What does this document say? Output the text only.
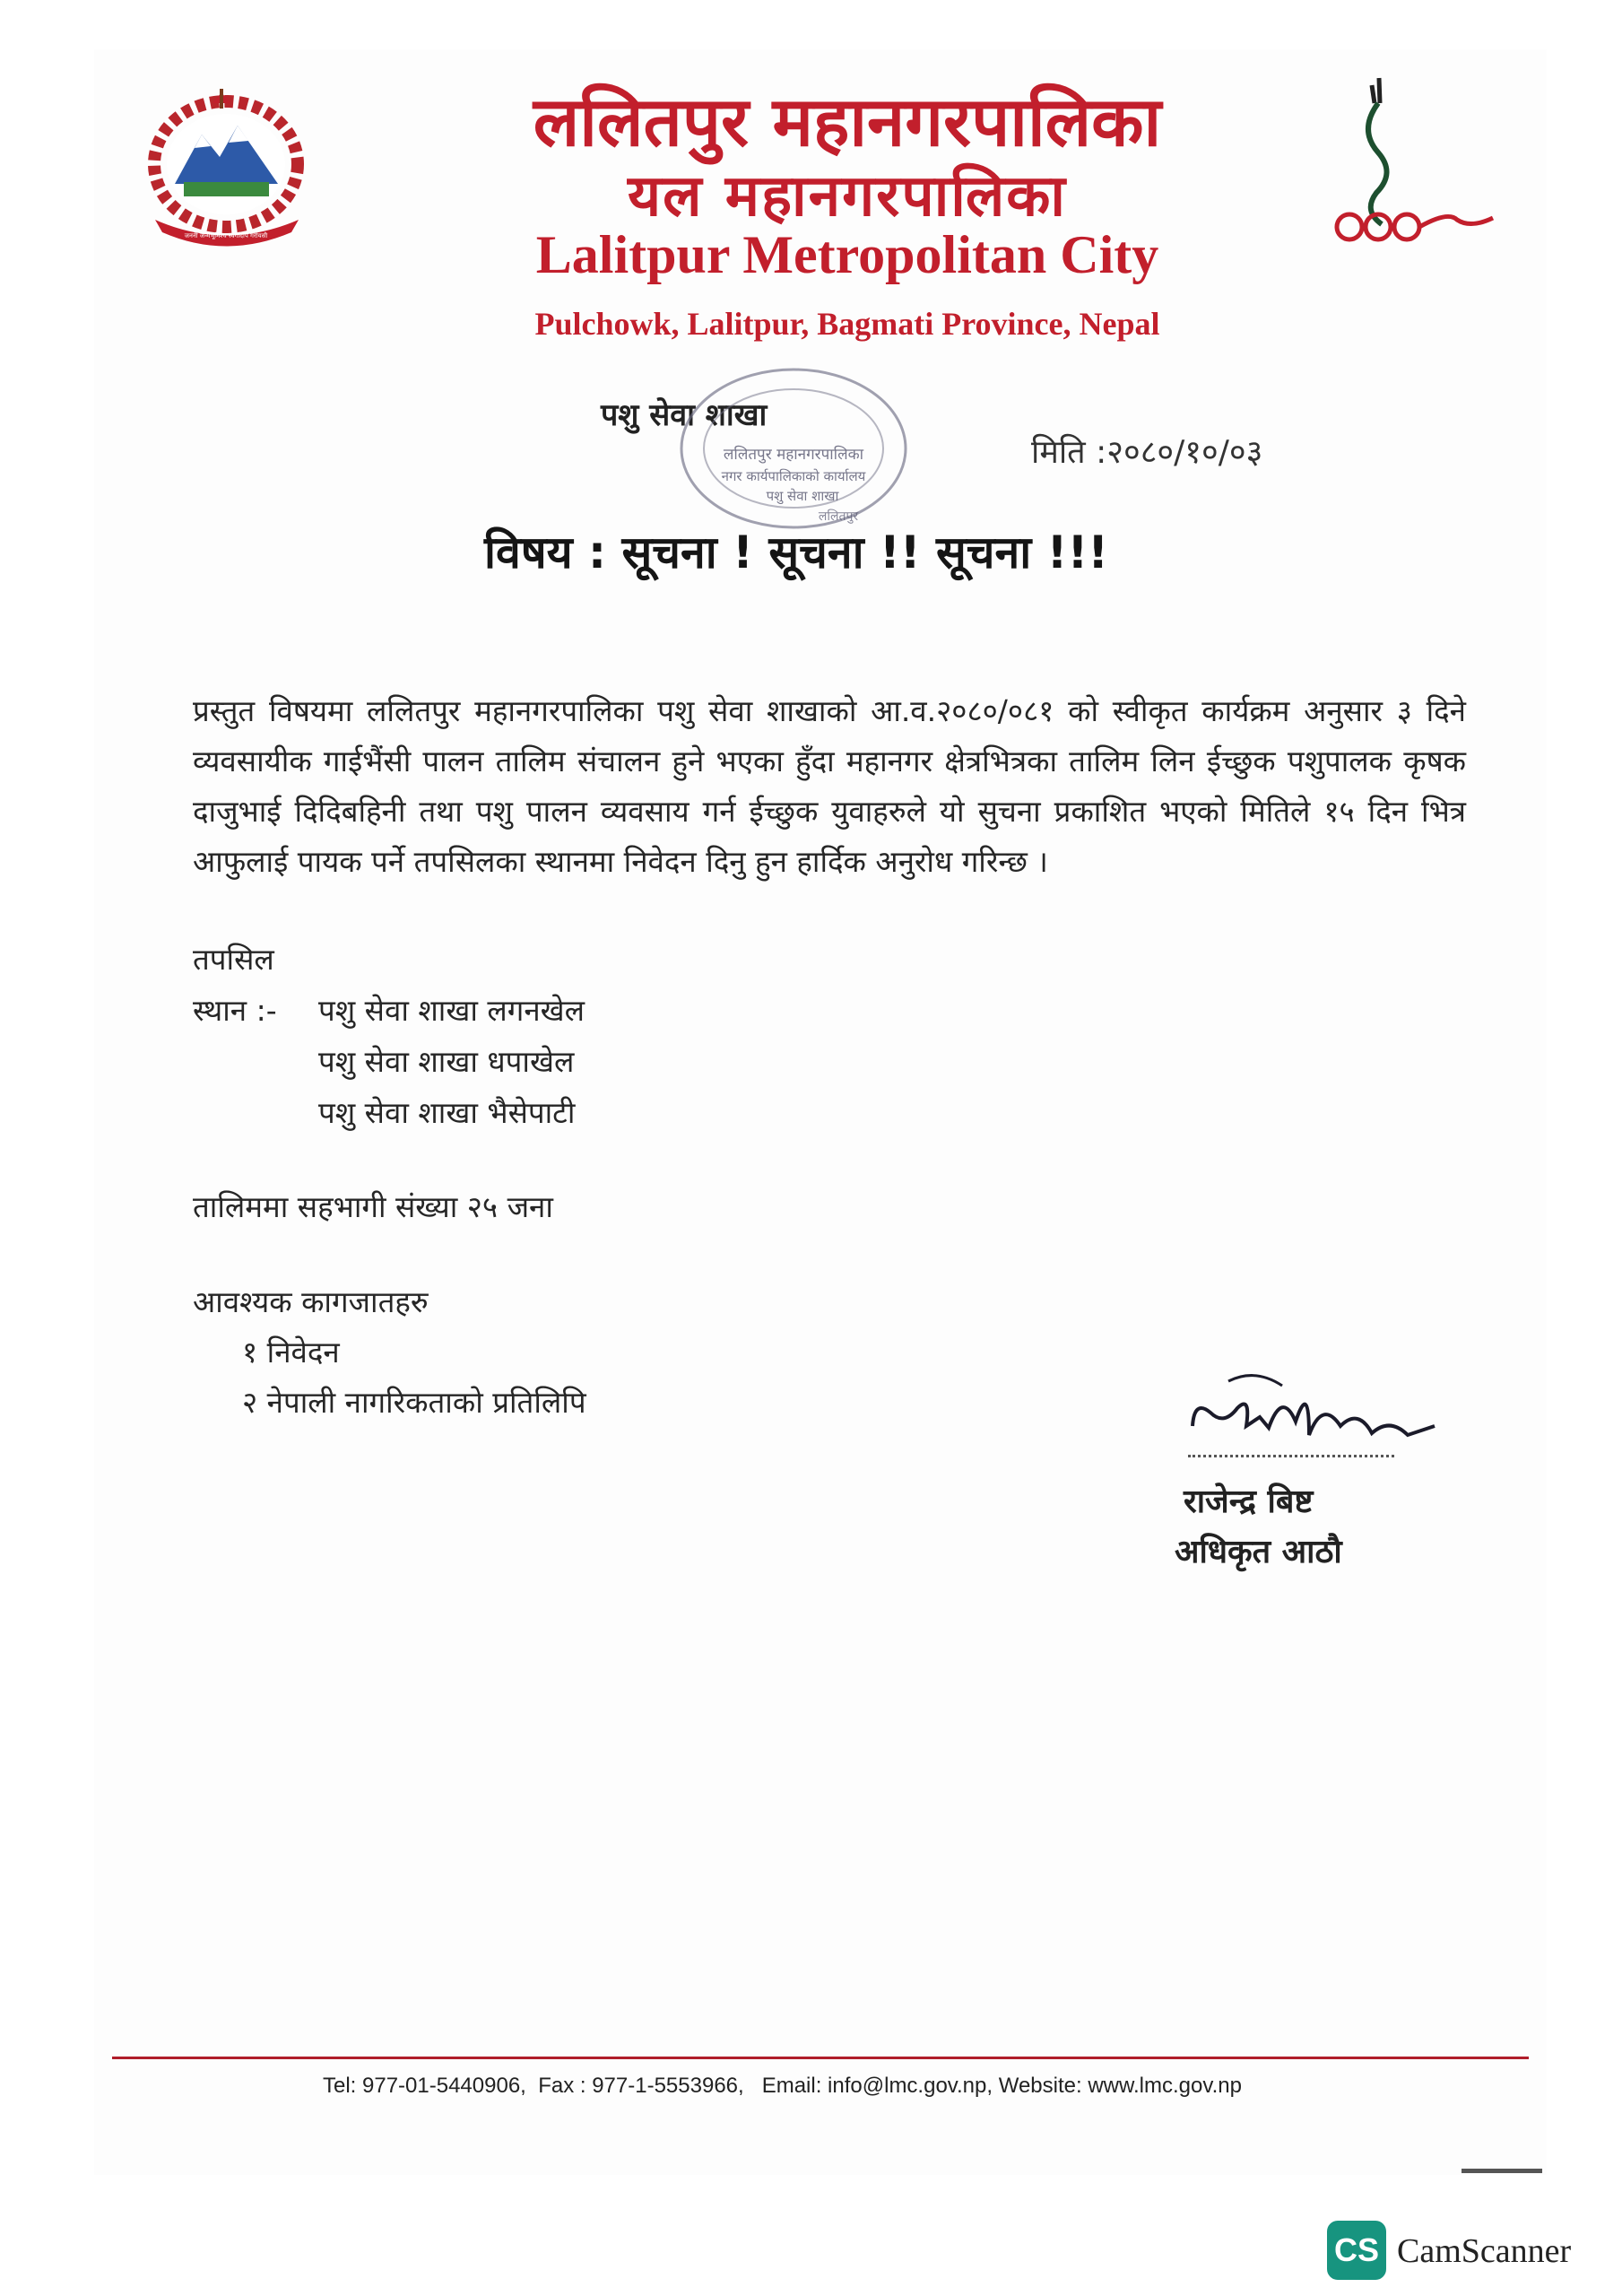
जननी जन्मभूमिश्च स्वर्गादपि गरीयसी
ललितपुर महानगरपालिका
यल महानगरपालिका
Lalitpur Metropolitan City
Pulchowk, Lalitpur, Bagmati Province, Nepal
पशु सेवा शाखा
ललितपुर महानगरपालिका
नगर कार्यपालिकाको कार्यालय
पशु सेवा शाखा
ललितपुर
मिति :२०८०/१०/०३
विषय : सूचना ! सूचना !! सूचना !!!
प्रस्तुत विषयमा ललितपुर महानगरपालिका पशु सेवा शाखाको आ.व.२०८०/०८१ को स्वीकृत कार्यक्रम अनुसार ३ दिने व्यवसायीक गाईभैंसी पालन तालिम संचालन हुने भएका हुँदा महानगर क्षेत्रभित्रका तालिम लिन ईच्छुक पशुपालक कृषक दाजुभाई दिदिबहिनी तथा पशु पालन व्यवसाय गर्न ईच्छुक युवाहरुले यो सुचना प्रकाशित भएको मितिले १५ दिन भित्र आफुलाई पायक पर्ने तपसिलका स्थानमा निवेदन दिनु हुन हार्दिक अनुरोध गरिन्छ ।
तपसिल
स्थान :- पशु सेवा शाखा लगनखेल
पशु सेवा शाखा धपाखेल
पशु सेवा शाखा भैसेपाटी
तालिममा सहभागी संख्या २५ जना
आवश्यक कागजातहरु
१ निवेदन
२ नेपाली नागरिकताको प्रतिलिपि
राजेन्द्र बिष्ट
अधिकृत आठौ
Tel: 977-01-5440906, Fax : 977-1-5553966, Email: info@lmc.gov.np, Website: www.lmc.gov.np
CS CamScanner
